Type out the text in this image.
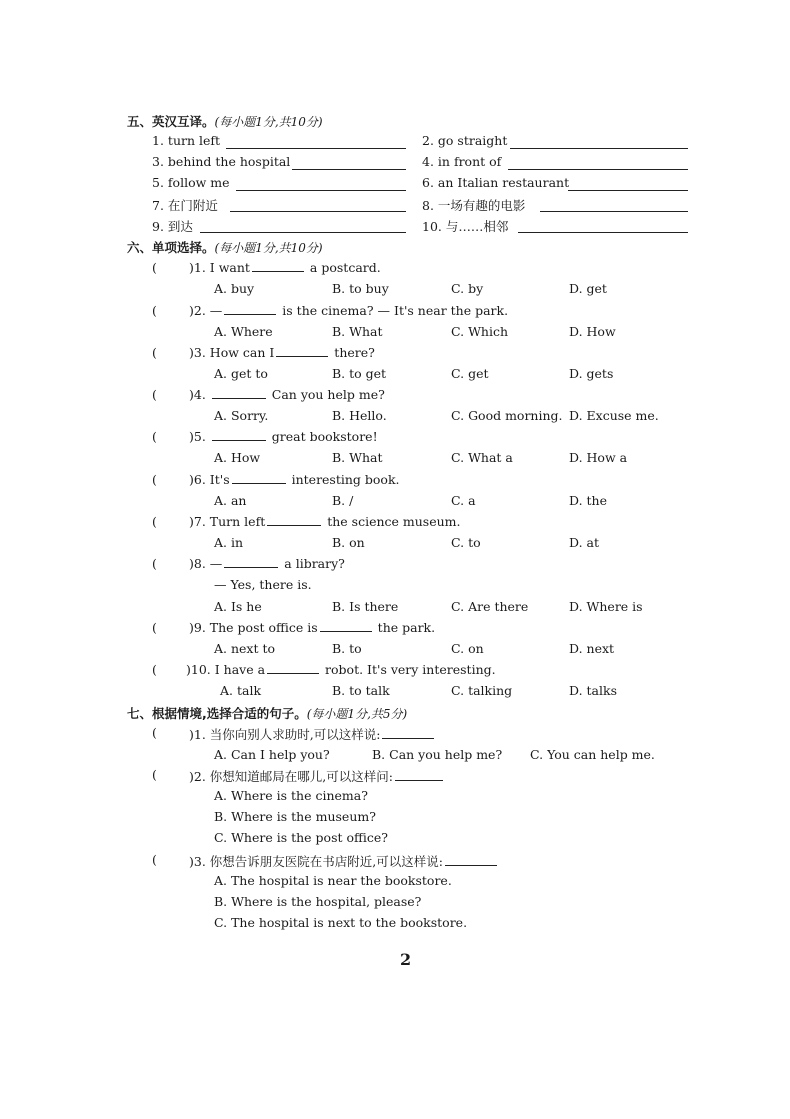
五、英汉互译。(每小题1分,共10分)
1. turn left	2. go straight
3. behind the hospital	4. in front of
5. follow me	6. an Italian restaurant
7. 在门附近	8. 一场有趣的电影
9. 到达	10. 与……相邻
六、单项选择。(每小题1分,共10分)
(	)1. I want	a postcard.
A. buy	B. to buy	C. by	D. get
(	)2. —	is the cinema? — It's near the park.
A. Where	B. What	C. Which	D. How
(	)3. How can I	there?
A. get to	B. to get	C. get	D. gets
(	)4.	Can you help me?
A. Sorry.	B. Hello.	C. Good morning. D. Excuse me.
(	)5.	great bookstore!
A. How	B. What	C. What a	D. How a
(	)6. It's	interesting book.
A. an	B. /	C. a	D. the
(	)7. Turn left	the science museum.
A. in	B. on	C. to	D. at
(	)8. —	a library?
— Yes, there is.
A. Is he	B. Is there	C. Are there	D. Where is
(	)9. The post office is	the park.
A. next to	B. to	C. on	D. next
( )10. I have a	robot. It's very interesting.
A. talk	B. to talk	C. talking	D. talks
七、根据情境,选择合适的句子。(每小题1分,共5分)
(	)1. 当你向别人求助时,可以这样说:
A. Can I help you?	B. Can you help me? C. You can help me.
(	)2. 你想知道邮局在哪儿,可以这样问:
A. Where is the cinema?
B. Where is the museum?
C. Where is the post office?
(	)3. 你想告诉朋友医院在书店附近,可以这样说:
A. The hospital is near the bookstore.
B. Where is the hospital, please?
C. The hospital is next to the bookstore.
2
